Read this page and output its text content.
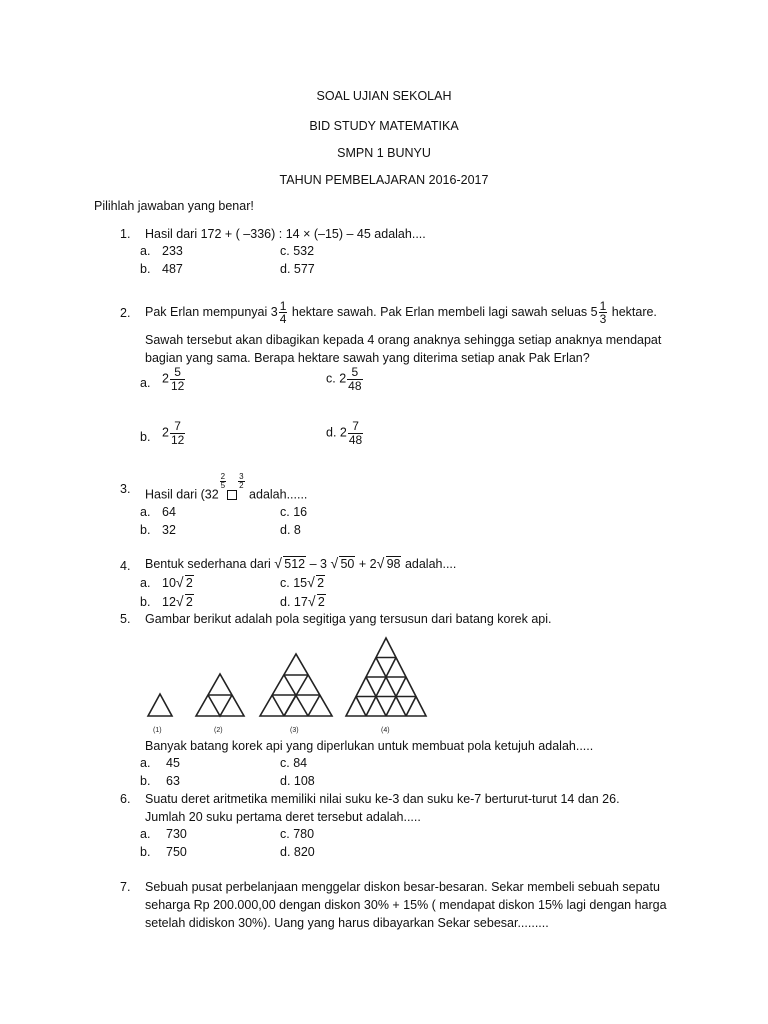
SOAL UJIAN SEKOLAH
BID STUDY MATEMATIKA
SMPN 1 BUNYU
TAHUN PEMBELAJARAN 2016-2017
Pilihlah jawaban yang benar!
1. Hasil dari 172 + ( –336) : 14 × (–15) – 45 adalah....
a. 233	c. 532
b. 487	d. 577
2. Pak Erlan mempunyai $3 \frac{1}{4}$ hektare sawah. Pak Erlan membeli lagi sawah seluas $5 \frac{1}{3}$ hektare.
Sawah tersebut akan dibagikan kepada 4 orang anaknya sehingga setiap anaknya mendapat
bagian yang sama. Berapa hektare sawah yang diterima setiap anak Pak Erlan?
a. $2 \frac{5}{12}$	c. $2 \frac{5}{48}$
b. $2 \frac{7}{12}$	d. $2 \frac{7}{48}$
3. Hasil dari (32
$\frac{2}{5} \frac{3}{2}$
adalah......
a. 64	c. 16
b. 32	d. 8
4. Bentuk sederhana dari √ 512 – 3 √ 50 + 2 √ 98 adalah....
a. 10 √ 2	c. 15 √ 2
b. 12 √ 2	d. 17 √ 2
5. Gambar berikut adalah pola segitiga yang tersusun dari batang korek api.
(1)	(2)	(3)	(4)
Banyak batang korek api yang diperlukan untuk membuat pola ketujuh adalah.....
a. 45	c. 84
b. 63	d. 108
6. Suatu deret aritmetika memiliki nilai suku ke-3 dan suku ke-7 berturut-turut 14 dan 26.
Jumlah 20 suku pertama deret tersebut adalah.....
a. 730	c. 780
b. 750	d. 820
7. Sebuah pusat perbelanjaan menggelar diskon besar-besaran. Sekar membeli sebuah sepatu
seharga Rp 200.000,00 dengan diskon 30% + 15% ( mendapat diskon 15% lagi dengan harga
setelah didiskon 30%). Uang yang harus dibayarkan Sekar sebesar.........
